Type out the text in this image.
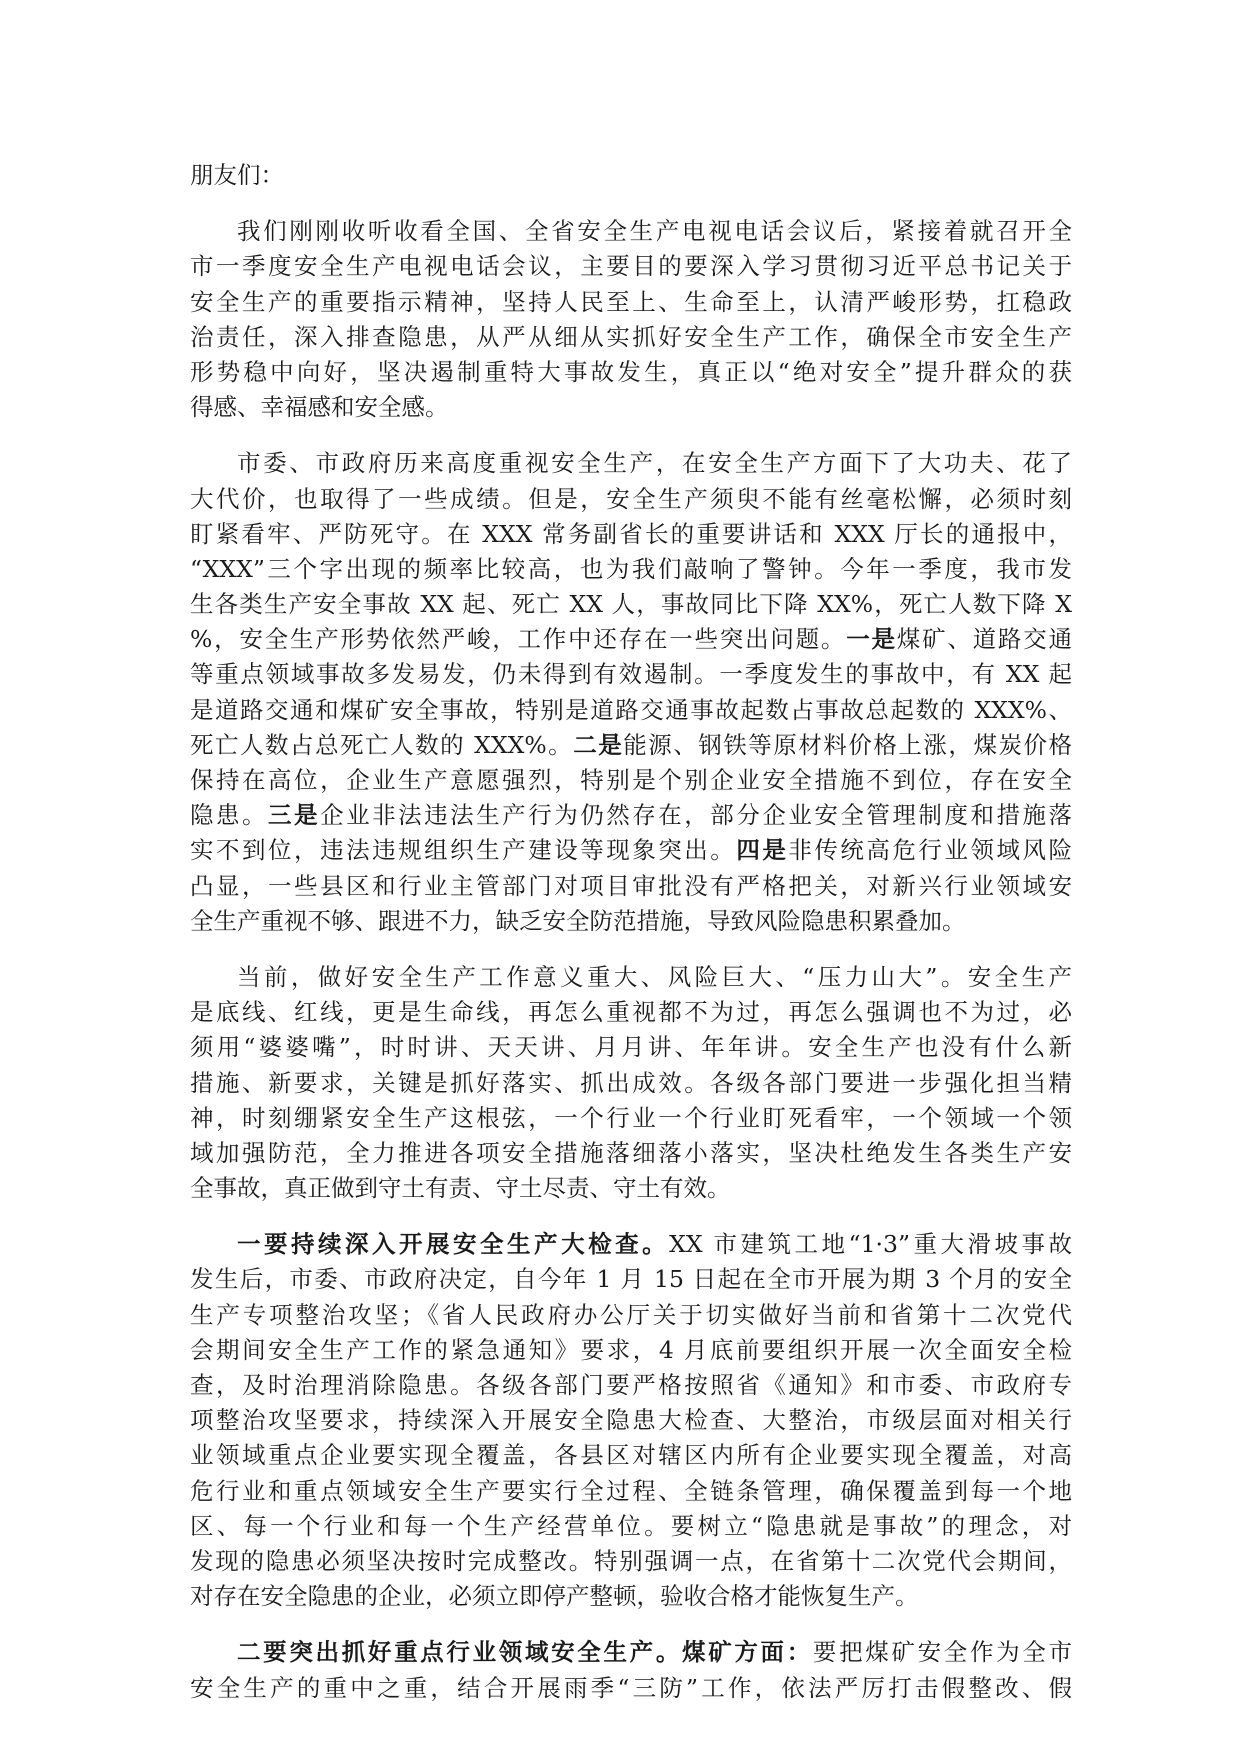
朋友们：
我们刚刚收听收看全国、全省安全生产电视电话会议后，紧接着就召开全
市一季度安全生产电视电话会议，主要目的要深入学习贯彻习近平总书记关于
安全生产的重要指示精神，坚持人民至上、生命至上，认清严峻形势，扛稳政
治责任，深入排查隐患，从严从细从实抓好安全生产工作，确保全市安全生产
形势稳中向好，坚决遏制重特大事故发生，真正以“绝对安全”提升群众的获
得感、幸福感和安全感。
市委、市政府历来高度重视安全生产，在安全生产方面下了大功夫、花了
大代价，也取得了一些成绩。但是，安全生产须臾不能有丝毫松懈，必须时刻
盯紧看牢、严防死守。在 XXX 常务副省长的重要讲话和 XXX 厅长的通报中，
“XXX”三个字出现的频率比较高，也为我们敲响了警钟。今年一季度，我市发
生各类生产安全事故 XX 起、死亡 XX 人，事故同比下降 XX%，死亡人数下降 X
%，安全生产形势依然严峻，工作中还存在一些突出问题。一是煤矿、道路交通
等重点领域事故多发易发，仍未得到有效遏制。一季度发生的事故中，有 XX 起
是道路交通和煤矿安全事故，特别是道路交通事故起数占事故总起数的 XXX%、
死亡人数占总死亡人数的 XXX%。二是能源、钢铁等原材料价格上涨，煤炭价格
保持在高位，企业生产意愿强烈，特别是个别企业安全措施不到位，存在安全
隐患。三是企业非法违法生产行为仍然存在，部分企业安全管理制度和措施落
实不到位，违法违规组织生产建设等现象突出。四是非传统高危行业领域风险
凸显，一些县区和行业主管部门对项目审批没有严格把关，对新兴行业领域安
全生产重视不够、跟进不力，缺乏安全防范措施，导致风险隐患积累叠加。
当前，做好安全生产工作意义重大、风险巨大、“压力山大”。安全生产
是底线、红线，更是生命线，再怎么重视都不为过，再怎么强调也不为过，必
须用“婆婆嘴”，时时讲、天天讲、月月讲、年年讲。安全生产也没有什么新
措施、新要求，关键是抓好落实、抓出成效。各级各部门要进一步强化担当精
神，时刻绷紧安全生产这根弦，一个行业一个行业盯死看牢，一个领域一个领
域加强防范，全力推进各项安全措施落细落小落实，坚决杜绝发生各类生产安
全事故，真正做到守土有责、守土尽责、守土有效。
一要持续深入开展安全生产大检查。XX 市建筑工地“1·3”重大滑坡事故
发生后，市委、市政府决定，自今年 1 月 15 日起在全市开展为期 3 个月的安全
生产专项整治攻坚；《省人民政府办公厅关于切实做好当前和省第十二次党代
会期间安全生产工作的紧急通知》要求，4 月底前要组织开展一次全面安全检
查，及时治理消除隐患。各级各部门要严格按照省《通知》和市委、市政府专
项整治攻坚要求，持续深入开展安全隐患大检查、大整治，市级层面对相关行
业领域重点企业要实现全覆盖，各县区对辖区内所有企业要实现全覆盖，对高
危行业和重点领域安全生产要实行全过程、全链条管理，确保覆盖到每一个地
区、每一个行业和每一个生产经营单位。要树立“隐患就是事故”的理念，对
发现的隐患必须坚决按时完成整改。特别强调一点，在省第十二次党代会期间，
对存在安全隐患的企业，必须立即停产整顿，验收合格才能恢复生产。
二要突出抓好重点行业领域安全生产。煤矿方面：要把煤矿安全作为全市
安全生产的重中之重，结合开展雨季“三防”工作，依法严厉打击假整改、假
